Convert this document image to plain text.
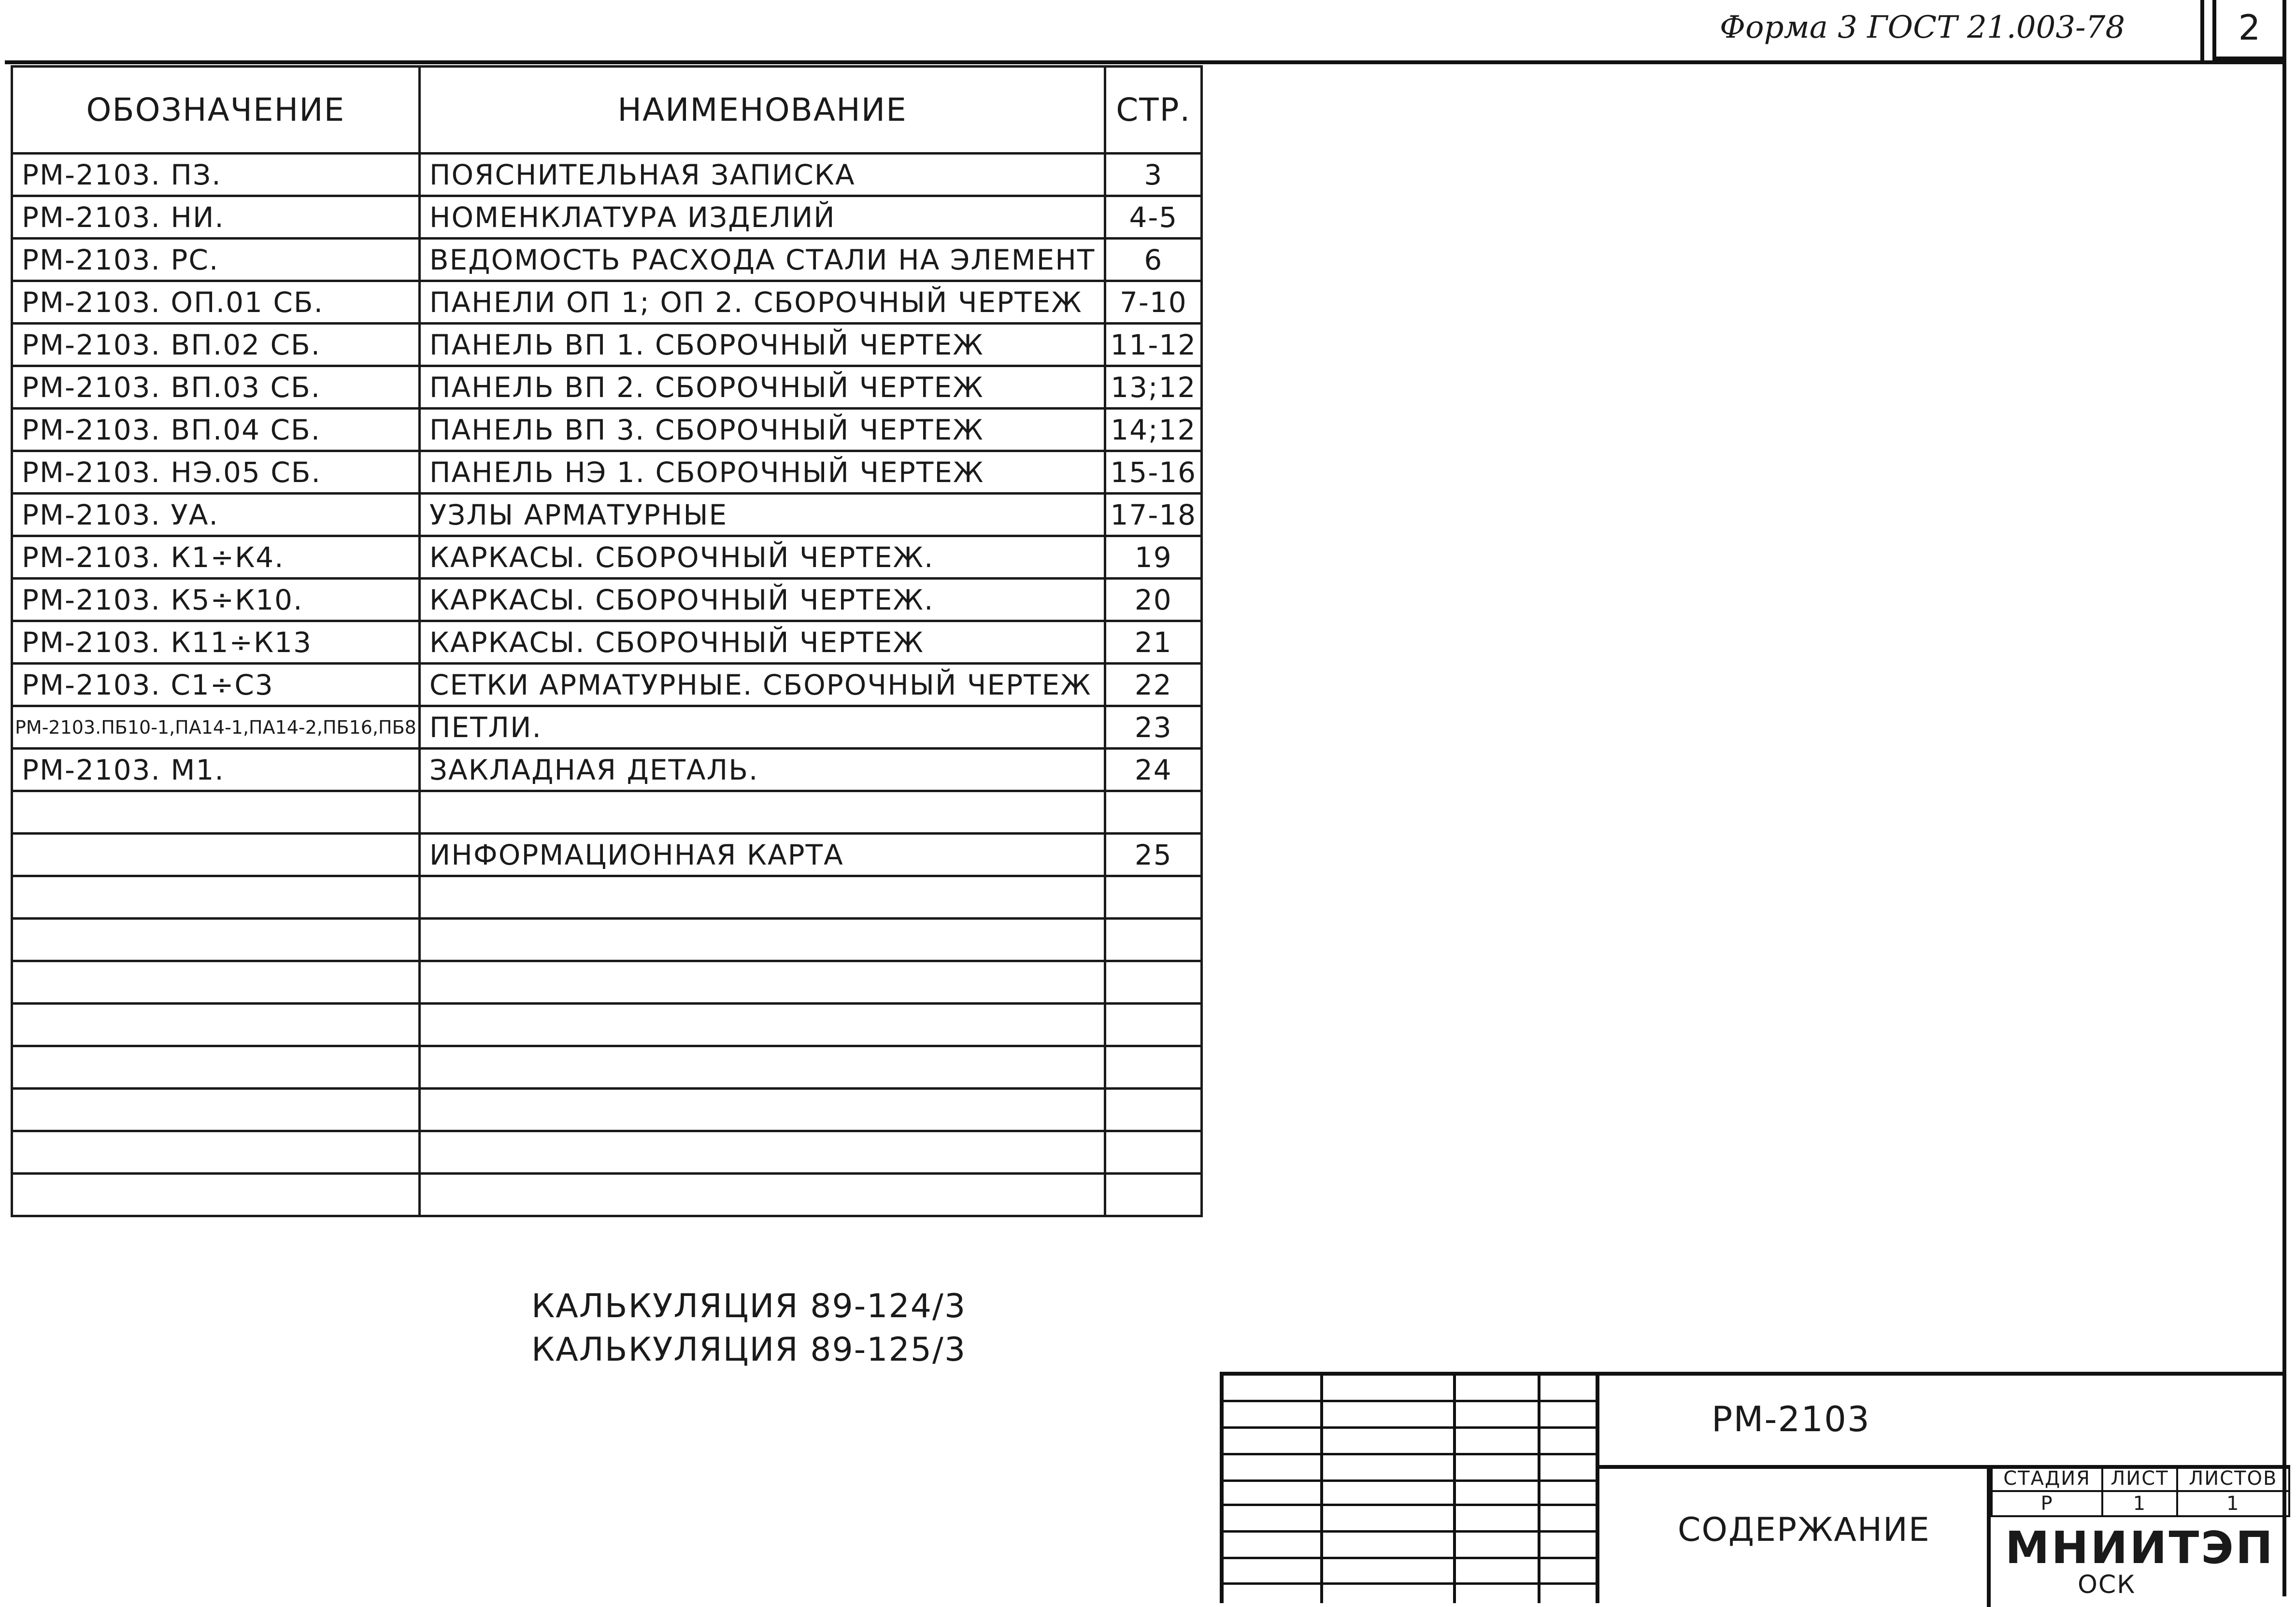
Форма 3 ГОСТ 21.003-78	2
ОБОЗНАЧЕНИЕ	НАИМЕНОВАНИЕ	СТР.
РМ-2103. ПЗ.	ПОЯСНИТЕЛЬНАЯ ЗАПИСКА	3
РМ-2103. НИ.	НОМЕНКЛАТУРА ИЗДЕЛИЙ	4-5
РМ-2103. РС.	ВЕДОМОСТЬ РАСХОДА СТАЛИ НА ЭЛЕМЕНТ	6
РМ-2103. ОП.01 СБ.	ПАНЕЛИ ОП 1; ОП 2. СБОРОЧНЫЙ ЧЕРТЕЖ	7-10
РМ-2103. ВП.02 СБ.	ПАНЕЛЬ ВП 1. СБОРОЧНЫЙ ЧЕРТЕЖ	11-12
РМ-2103. ВП.03 СБ.	ПАНЕЛЬ ВП 2. СБОРОЧНЫЙ ЧЕРТЕЖ	13;12
РМ-2103. ВП.04 СБ.	ПАНЕЛЬ ВП 3. СБОРОЧНЫЙ ЧЕРТЕЖ	14;12
РМ-2103. НЭ.05 СБ.	ПАНЕЛЬ НЭ 1. СБОРОЧНЫЙ ЧЕРТЕЖ	15-16
РМ-2103. УА.	УЗЛЫ АРМАТУРНЫЕ	17-18
РМ-2103. К1÷К4.	КАРКАСЫ. СБОРОЧНЫЙ ЧЕРТЕЖ.	19
РМ-2103. К5÷К10.	КАРКАСЫ. СБОРОЧНЫЙ ЧЕРТЕЖ.	20
РМ-2103. К11÷К13	КАРКАСЫ. СБОРОЧНЫЙ ЧЕРТЕЖ	21
РМ-2103. С1÷С3	СЕТКИ АРМАТУРНЫЕ. СБОРОЧНЫЙ ЧЕРТЕЖ	22
РМ-2103.ПБ10-1,ПА14-1,ПА14-2,ПБ16,ПБ8	ПЕТЛИ.	23
РМ-2103. М1.	ЗАКЛАДНАЯ ДЕТАЛЬ.	24

	ИНФОРМАЦИОННАЯ КАРТА	25

КАЛЬКУЛЯЦИЯ 89-124/3
КАЛЬКУЛЯЦИЯ 89-125/3
РМ-2103
СОДЕРЖАНИЕ
СТАДИЯ	ЛИСТ	ЛИСТОВ
Р	1	1
МНИИТЭП
ОСК
